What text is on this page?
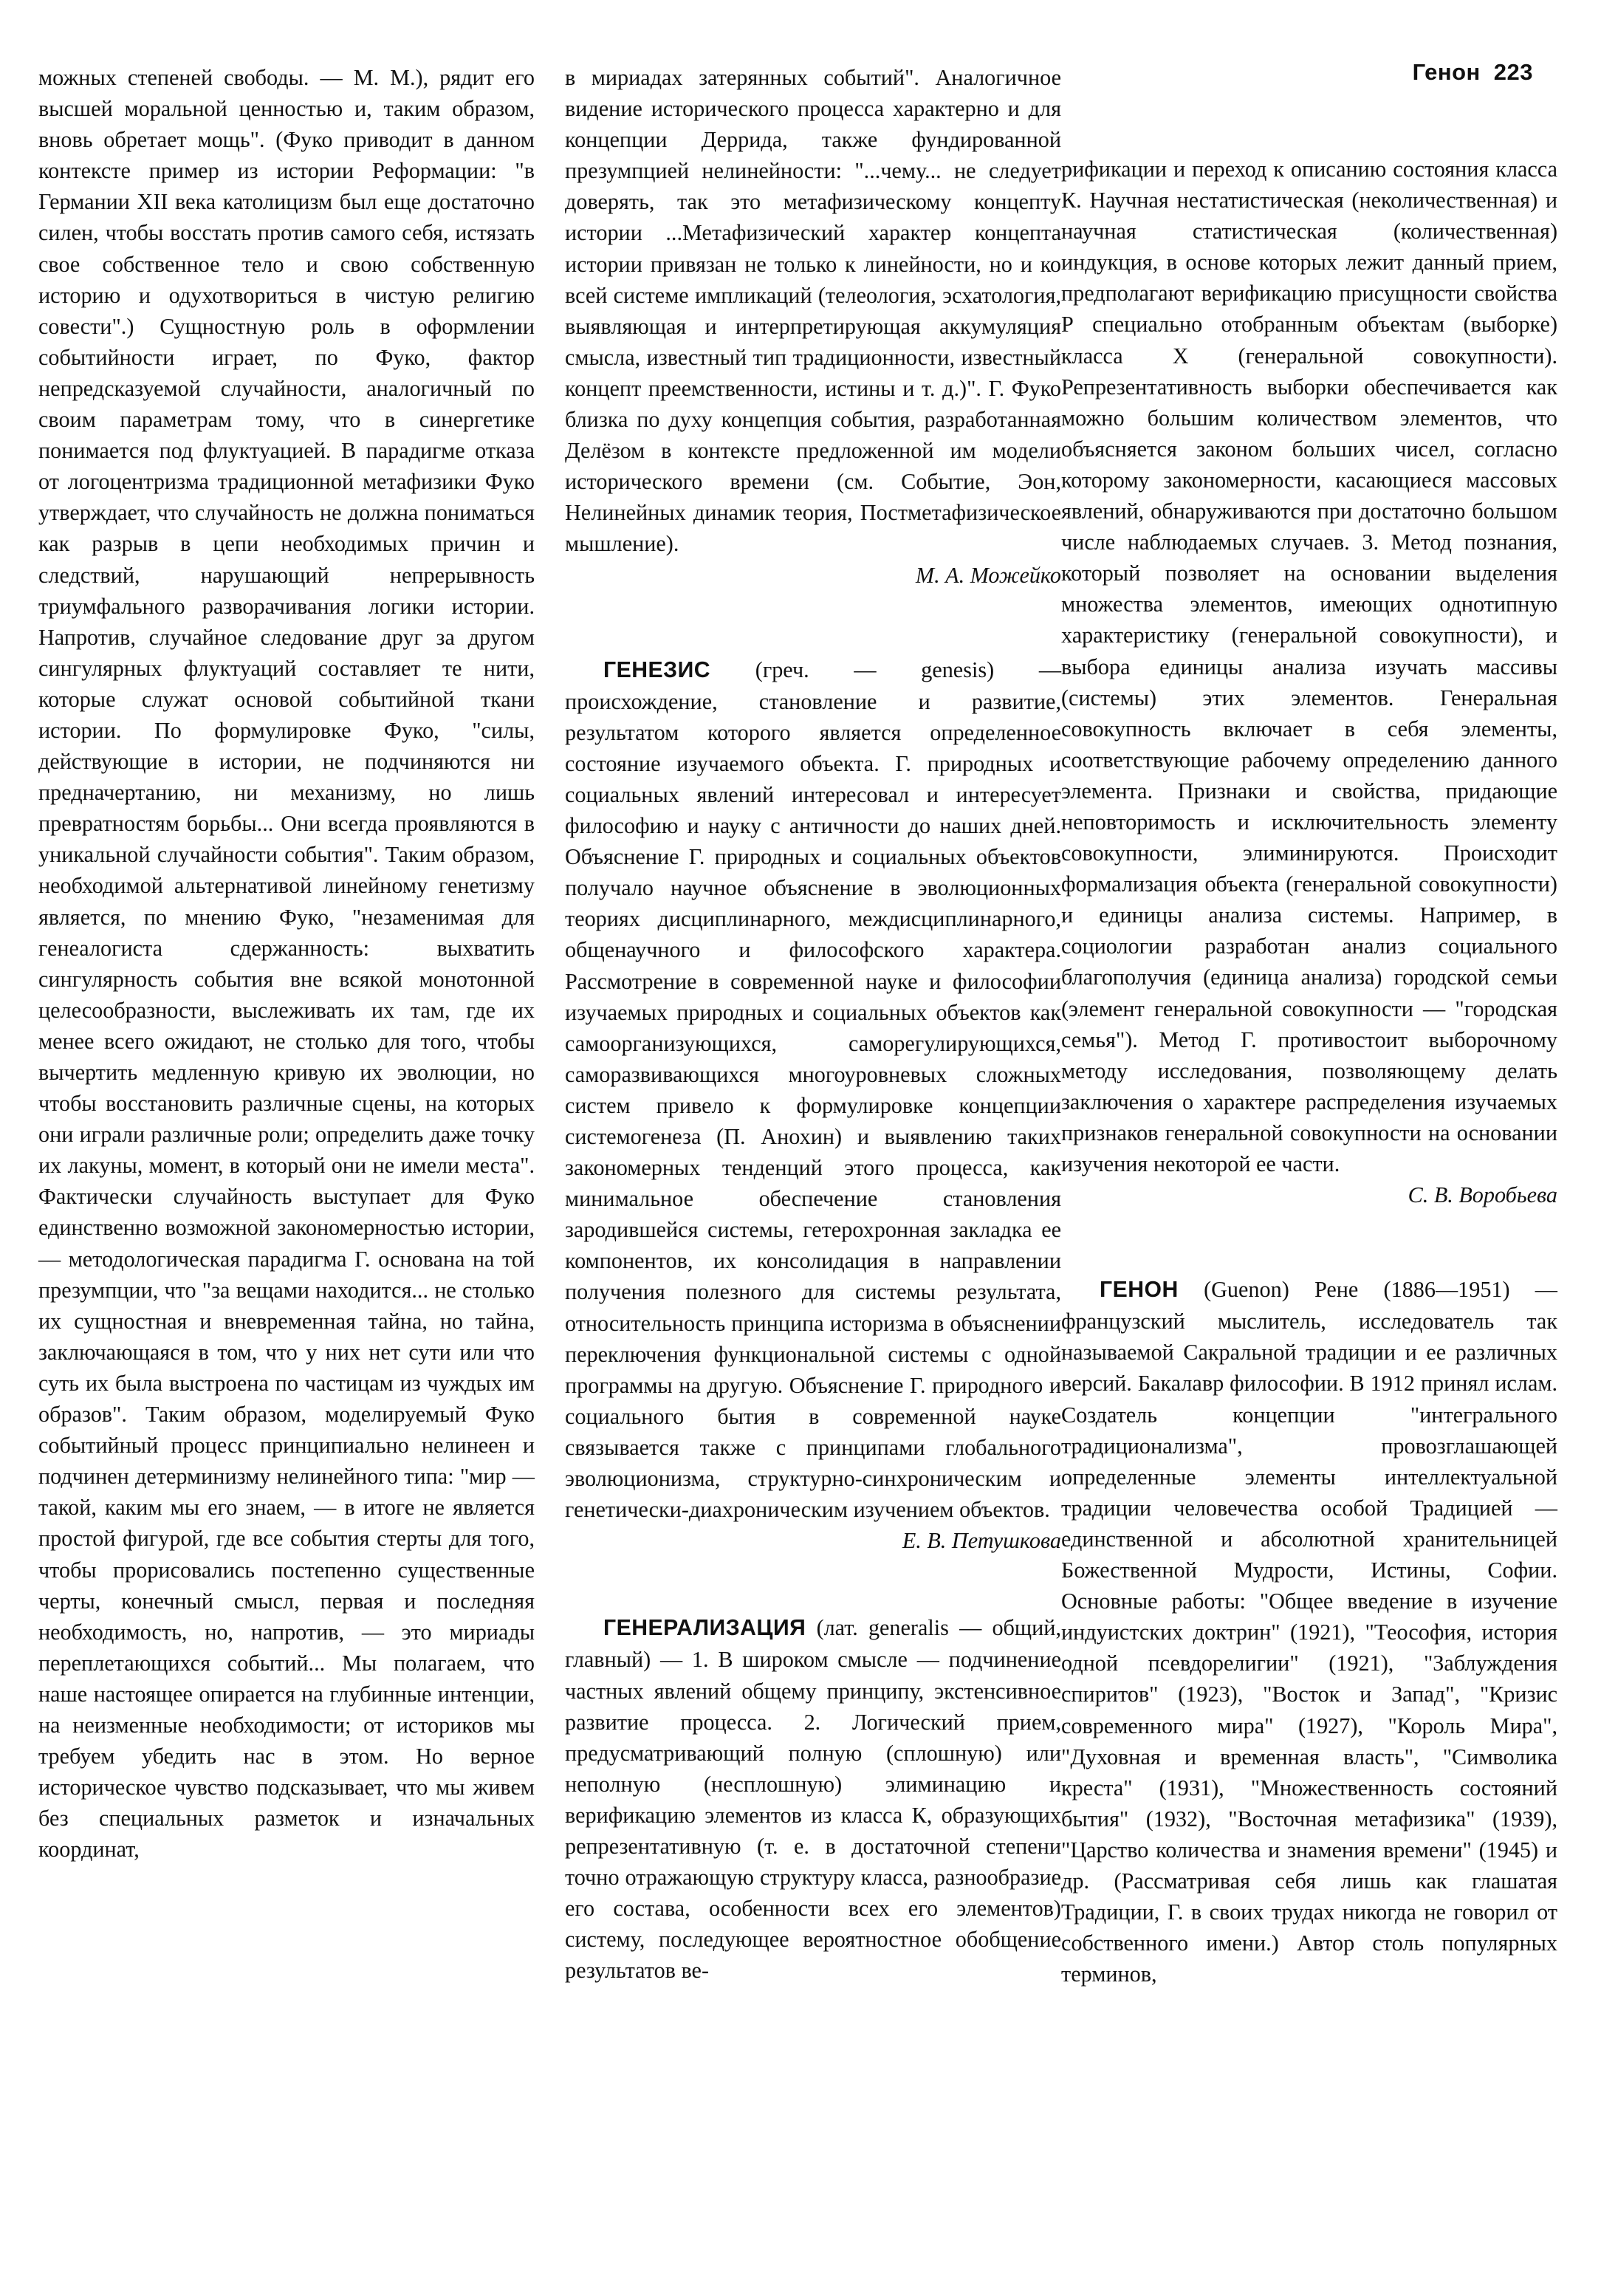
Генон 223

можных степеней свободы. — М. М.), рядит его высшей моральной ценностью и, таким образом, вновь обретает мощь". (Фуко приводит в данном контексте пример из истории Реформации: "в Германии XII века католицизм был еще достаточно силен, чтобы восстать против самого себя, истязать свое собственное тело и свою собственную историю и одухотвориться в чистую религию совести".) Сущностную роль в оформлении событийности играет, по Фуко, фактор непредсказуемой случайности, аналогичный по своим параметрам тому, что в синергетике понимается под флуктуацией. В парадигме отказа от логоцентризма традиционной метафизики Фуко утверждает, что случайность не должна пониматься как разрыв в цепи необходимых причин и следствий, нарушающий непрерывность триумфального разворачивания логики истории. Напротив, случайное следование друг за другом сингулярных флуктуаций составляет те нити, которые служат основой событийной ткани истории. По формулировке Фуко, "силы, действующие в истории, не подчиняются ни предначертанию, ни механизму, но лишь превратностям борьбы... Они всегда проявляются в уникальной случайности события". Таким образом, необходимой альтернативой линейному генетизму является, по мнению Фуко, "незаменимая для генеалогиста сдержанность: выхватить сингулярность события вне всякой монотонной целесообразности, выслеживать их там, где их менее всего ожидают, не столько для того, чтобы вычертить медленную кривую их эволюции, но чтобы восстановить различные сцены, на которых они играли различные роли; определить даже точку их лакуны, момент, в который они не имели места". Фактически случайность выступает для Фуко единственно возможной закономерностью истории, — методологическая парадигма Г. основана на той презумпции, что "за вещами находится... не столько их сущностная и вневременная тайна, но тайна, заключающаяся в том, что у них нет сути или что суть их была выстроена по частицам из чуждых им образов". Таким образом, моделируемый Фуко событийный процесс принципиально нелинеен и подчинен детерминизму нелинейного типа: "мир — такой, каким мы его знаем, — в итоге не является простой фигурой, где все события стерты для того, чтобы прорисовались постепенно существенные черты, конечный смысл, первая и последняя необходимость, но, напротив, — это мириады переплетающихся событий... Мы полагаем, что наше настоящее опирается на глубинные интенции, на неизменные необходимости; от историков мы требуем убедить нас в этом. Но верное историческое чувство подсказывает, что мы живем без специальных разметок и изначальных координат,

в мириадах затерянных событий". Аналогичное видение исторического процесса характерно и для концепции Деррида, также фундированной презумпцией нелинейности: "...чему... не следует доверять, так это метафизическому концепту истории ...Метафизический характер концепта истории привязан не только к линейности, но и ко всей системе импликаций (телеология, эсхатология, выявляющая и интерпретирующая аккумуляция смысла, известный тип традиционности, известный концепт преемственности, истины и т. д.)". Г. Фуко близка по духу концепция события, разработанная Делёзом в контексте предложенной им модели исторического времени (см. Событие, Эон, Нелинейных динамик теория, Постметафизическое мышление).

М. А. Можейко

ГЕНЕЗИС (греч. — genesis) — происхождение, становление и развитие, результатом которого является определенное состояние изучаемого объекта. Г. природных и социальных явлений интересовал и интересует философию и науку с античности до наших дней. Объяснение Г. природных и социальных объектов получало научное объяснение в эволюционных теориях дисциплинарного, междисциплинарного, общенаучного и философского характера. Рассмотрение в современной науке и философии изучаемых природных и социальных объектов как самоорганизующихся, саморегулирующихся, саморазвивающихся многоуровневых сложных систем привело к формулировке концепции системогенеза (П. Анохин) и выявлению таких закономерных тенденций этого процесса, как минимальное обеспечение становления зародившейся системы, гетерохронная закладка ее компонентов, их консолидация в направлении получения полезного для системы результата, относительность принципа историзма в объяснении переключения функциональной системы с одной программы на другую. Объяснение Г. природного и социального бытия в современной науке связывается также с принципами глобального эволюционизма, структурно-синхроническим и генетически-диахроническим изучением объектов.

Е. В. Петушкова

ГЕНЕРАЛИЗАЦИЯ (лат. generalis — общий, главный) — 1. В широком смысле — подчинение частных явлений общему принципу, экстенсивное развитие процесса. 2. Логический прием, предусматривающий полную (сплошную) или неполную (несплошную) элиминацию и верификацию элементов из класса К, образующих репрезентативную (т. е. в достаточной степени точно отражающую структуру класса, разнообразие его состава, особенности всех его элементов) систему, последующее вероятностное обобщение результатов ве-

рификации и переход к описанию состояния класса К. Научная нестатистическая (неколичественная) и научная статистическая (количественная) индукция, в основе которых лежит данный прием, предполагают верификацию присущности свойства Р специально отобранным объектам (выборке) класса X (генеральной совокупности). Репрезентативность выборки обеспечивается как можно большим количеством элементов, что объясняется законом больших чисел, согласно которому закономерности, касающиеся массовых явлений, обнаруживаются при достаточно большом числе наблюдаемых случаев. 3. Метод познания, который позволяет на основании выделения множества элементов, имеющих однотипную характеристику (генеральной совокупности), и выбора единицы анализа изучать массивы (системы) этих элементов. Генеральная совокупность включает в себя элементы, соответствующие рабочему определению данного элемента. Признаки и свойства, придающие неповторимость и исключительность элементу совокупности, элиминируются. Происходит формализация объекта (генеральной совокупности) и единицы анализа системы. Например, в социологии разработан анализ социального благополучия (единица анализа) городской семьи (элемент генеральной совокупности — "городская семья"). Метод Г. противостоит выборочному методу исследования, позволяющему делать заключения о характере распределения изучаемых признаков генеральной совокупности на основании изучения некоторой ее части.

С. В. Воробьева

ГЕНОН (Guenon) Рене (1886—1951) — французский мыслитель, исследователь так называемой Сакральной традиции и ее различных версий. Бакалавр философии. В 1912 принял ислам. Создатель концепции "интегрального традиционализма", провозглашающей определенные элементы интеллектуальной традиции человечества особой Традицией — единственной и абсолютной хранительницей Божественной Мудрости, Истины, Софии. Основные работы: "Общее введение в изучение индуистских доктрин" (1921), "Теософия, история одной псевдорелигии" (1921), "Заблуждения спиритов" (1923), "Восток и Запад", "Кризис современного мира" (1927), "Король Мира", "Духовная и временная власть", "Символика креста" (1931), "Множественность состояний бытия" (1932), "Восточная метафизика" (1939), "Царство количества и знамения времени" (1945) и др. (Рассматривая себя лишь как глашатая Традиции, Г. в своих трудах никогда не говорил от собственного имени.) Автор столь популярных терминов,
